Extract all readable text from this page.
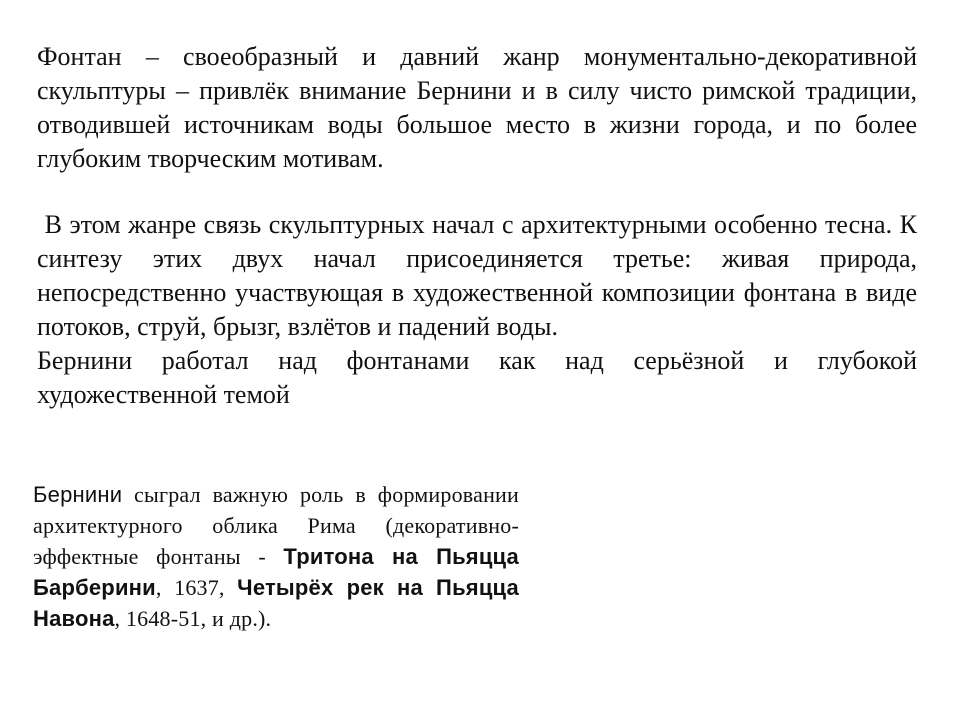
Фонтан – своеобразный и давний жанр монументально-декоративной скульптуры – привлёк внимание Бернини и в силу чисто римской традиции, отводившей источникам воды большое место в жизни города, и по более глубоким творческим мотивам.

В этом жанре связь скульптурных начал с архитектурными особенно тесна. К синтезу этих двух начал присоединяется третье: живая природа, непосредственно участвующая в художественной композиции фонтана в виде потоков, струй, брызг, взлётов и падений воды.

Бернини работал над фонтанами как над серьёзной и глубокой художественной темой

Бернини сыграл важную роль в формировании архитектурного облика Рима (декоративно-эффектные фонтаны - Тритона на Пьяцца Барберини, 1637, Четырёх рек на Пьяцца Навона, 1648-51, и др.).
